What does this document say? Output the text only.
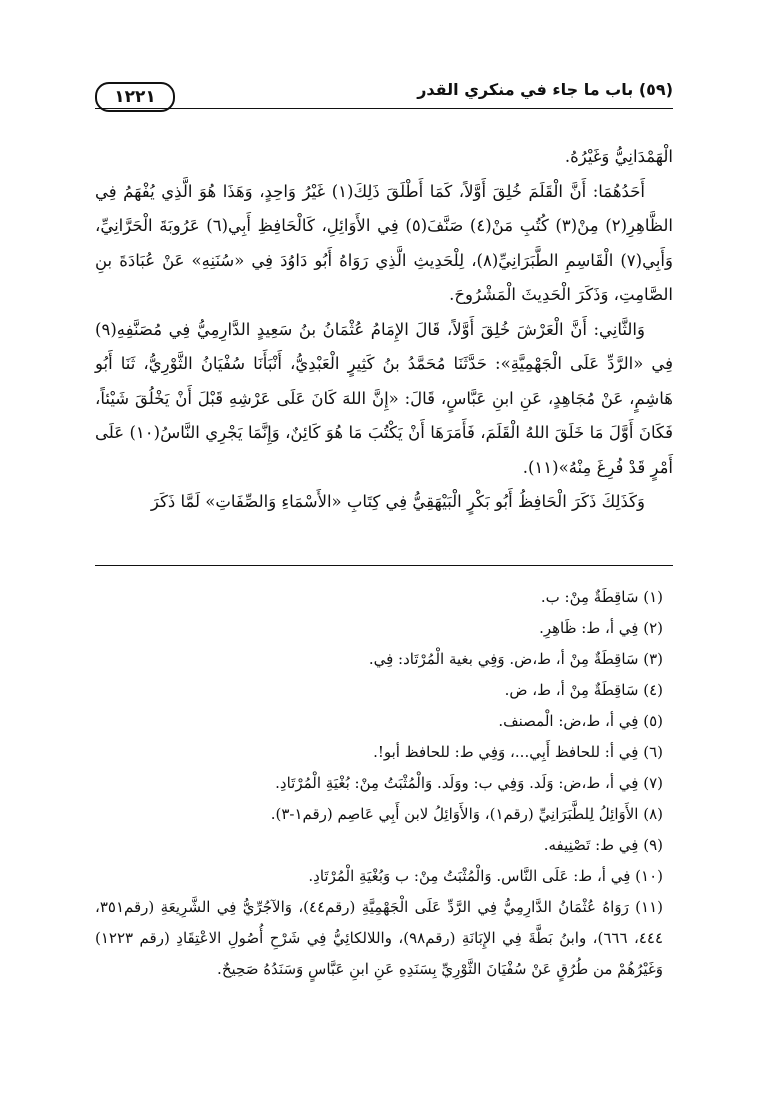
(٥٩) باب ما جاء في منكري القدر
١٢٢١

الْهَمْدَانِيُّ وَغَيْرُهُ.

أَحَدُهُمَا: أَنَّ الْقَلَمَ خُلِقَ أَوَّلاً، كَمَا أَطْلَقَ ذَلِكَ(١) غَيْرُ وَاحِدٍ، وَهَذَا هُوَ الَّذِي يُفْهَمُ فِي الظَّاهِرِ(٢) مِنْ(٣) كُتُبِ مَنْ(٤) صَنَّفَ(٥) فِي الأَوَائِلِ، كَالْحَافِظِ أَبِي(٦) عَرُوبَةَ الْحَرَّانِيِّ، وَأَبِي(٧) الْقَاسِمِ الطَّبَرَانِيِّ(٨)، لِلْحَدِيثِ الَّذِي رَوَاهُ أَبُو دَاوُدَ فِي «سُنَنِهِ» عَنْ عُبَادَةَ بنِ الصَّامِتِ، وَذَكَرَ الْحَدِيثَ الْمَشْرُوحَ.

وَالثَّانِي: أَنَّ الْعَرْشَ خُلِقَ أَوَّلاً، قَالَ الإِمَامُ عُثْمَانُ بنُ سَعِيدٍ الدَّارِمِيُّ فِي مُصَنَّفِهِ(٩) فِي «الرَّدِّ عَلَى الْجَهْمِيَّةِ»: حَدَّثَنَا مُحَمَّدُ بنُ كَثِيرٍ الْعَبْدِيُّ، أَنْبَأَنَا سُفْيَانُ الثَّوْرِيُّ، ثَنَا أَبُو هَاشِمٍ، عَنْ مُجَاهِدٍ، عَنِ ابنِ عَبَّاسٍ، قَالَ: «إِنَّ اللهَ كَانَ عَلَى عَرْشِهِ قَبْلَ أَنْ يَخْلُقَ شَيْئاً، فَكَانَ أَوَّلَ مَا خَلَقَ اللهُ الْقَلَمَ، فَأَمَرَهَا أَنْ يَكْتُبَ مَا هُوَ كَائِنٌ، وَإِنَّمَا يَجْرِي النَّاسُ(١٠) عَلَى أَمْرٍ قَدْ فُرِغَ مِنْهُ»(١١).

وَكَذَلِكَ ذَكَرَ الْحَافِظُ أَبُو بَكْرٍ الْبَيْهَقِيُّ فِي كِتَابِ «الأَسْمَاءِ وَالصِّفَاتِ» لَمَّا ذَكَرَ

(١) سَاقِطَةٌ مِنْ: ب.

(٢) فِي أ، ط: ظَاهِرِ.

(٣) سَاقِطَةٌ مِنْ أ، ط،ض. وَفِي بغية الْمُرْتَاد: فِي.

(٤) سَاقِطَةٌ مِنْ أ، ط، ض.

(٥) فِي أ، ط،ض: الْمصنف.

(٦) فِي أ: للحافظ أَبِي...، وَفِي ط: للحافظ أبو!.

(٧) فِي أ، ط،ض: وَلَد. وَفِي ب: ووَلَد. وَالْمُثْبَتُ مِنْ: بُغْيَةِ الْمُرْتَادِ.

(٨) الأَوَائِلُ لِلطَّبَرَانِيِّ (رقم١)، وَالأَوَائِلُ لابن أَبِي عَاصِم (رقم١-٣).

(٩) فِي ط: تَصْنِيفه.

(١٠) فِي أ، ط: عَلَى النَّاس. وَالْمُثْبَتُ مِنْ: ب وَبُغْيَةِ الْمُرْتَادِ.

(١١) رَوَاهُ عُثْمَانُ الدَّارِمِيُّ فِي الرَّدِّ عَلَى الْجَهْمِيَّةِ (رقم٤٤)، وَالآجُرِّيُّ فِي الشَّرِيعَةِ (رقم٣٥١، ٤٤٤، ٦٦٦)، وابنُ بَطَّةَ فِي الإِبَانَةِ (رقم٩٨)، واللالكائِيُّ فِي شَرْحِ أُصُولِ الاعْتِقَادِ (رقم ١٢٢٣) وَغَيْرُهُمْ من طُرُقٍ عَنْ سُفْيَانَ الثَّوْرِيِّ بِسَنَدِهِ عَنِ ابنِ عَبَّاسٍ وَسَنَدُهُ صَحِيحٌ.
